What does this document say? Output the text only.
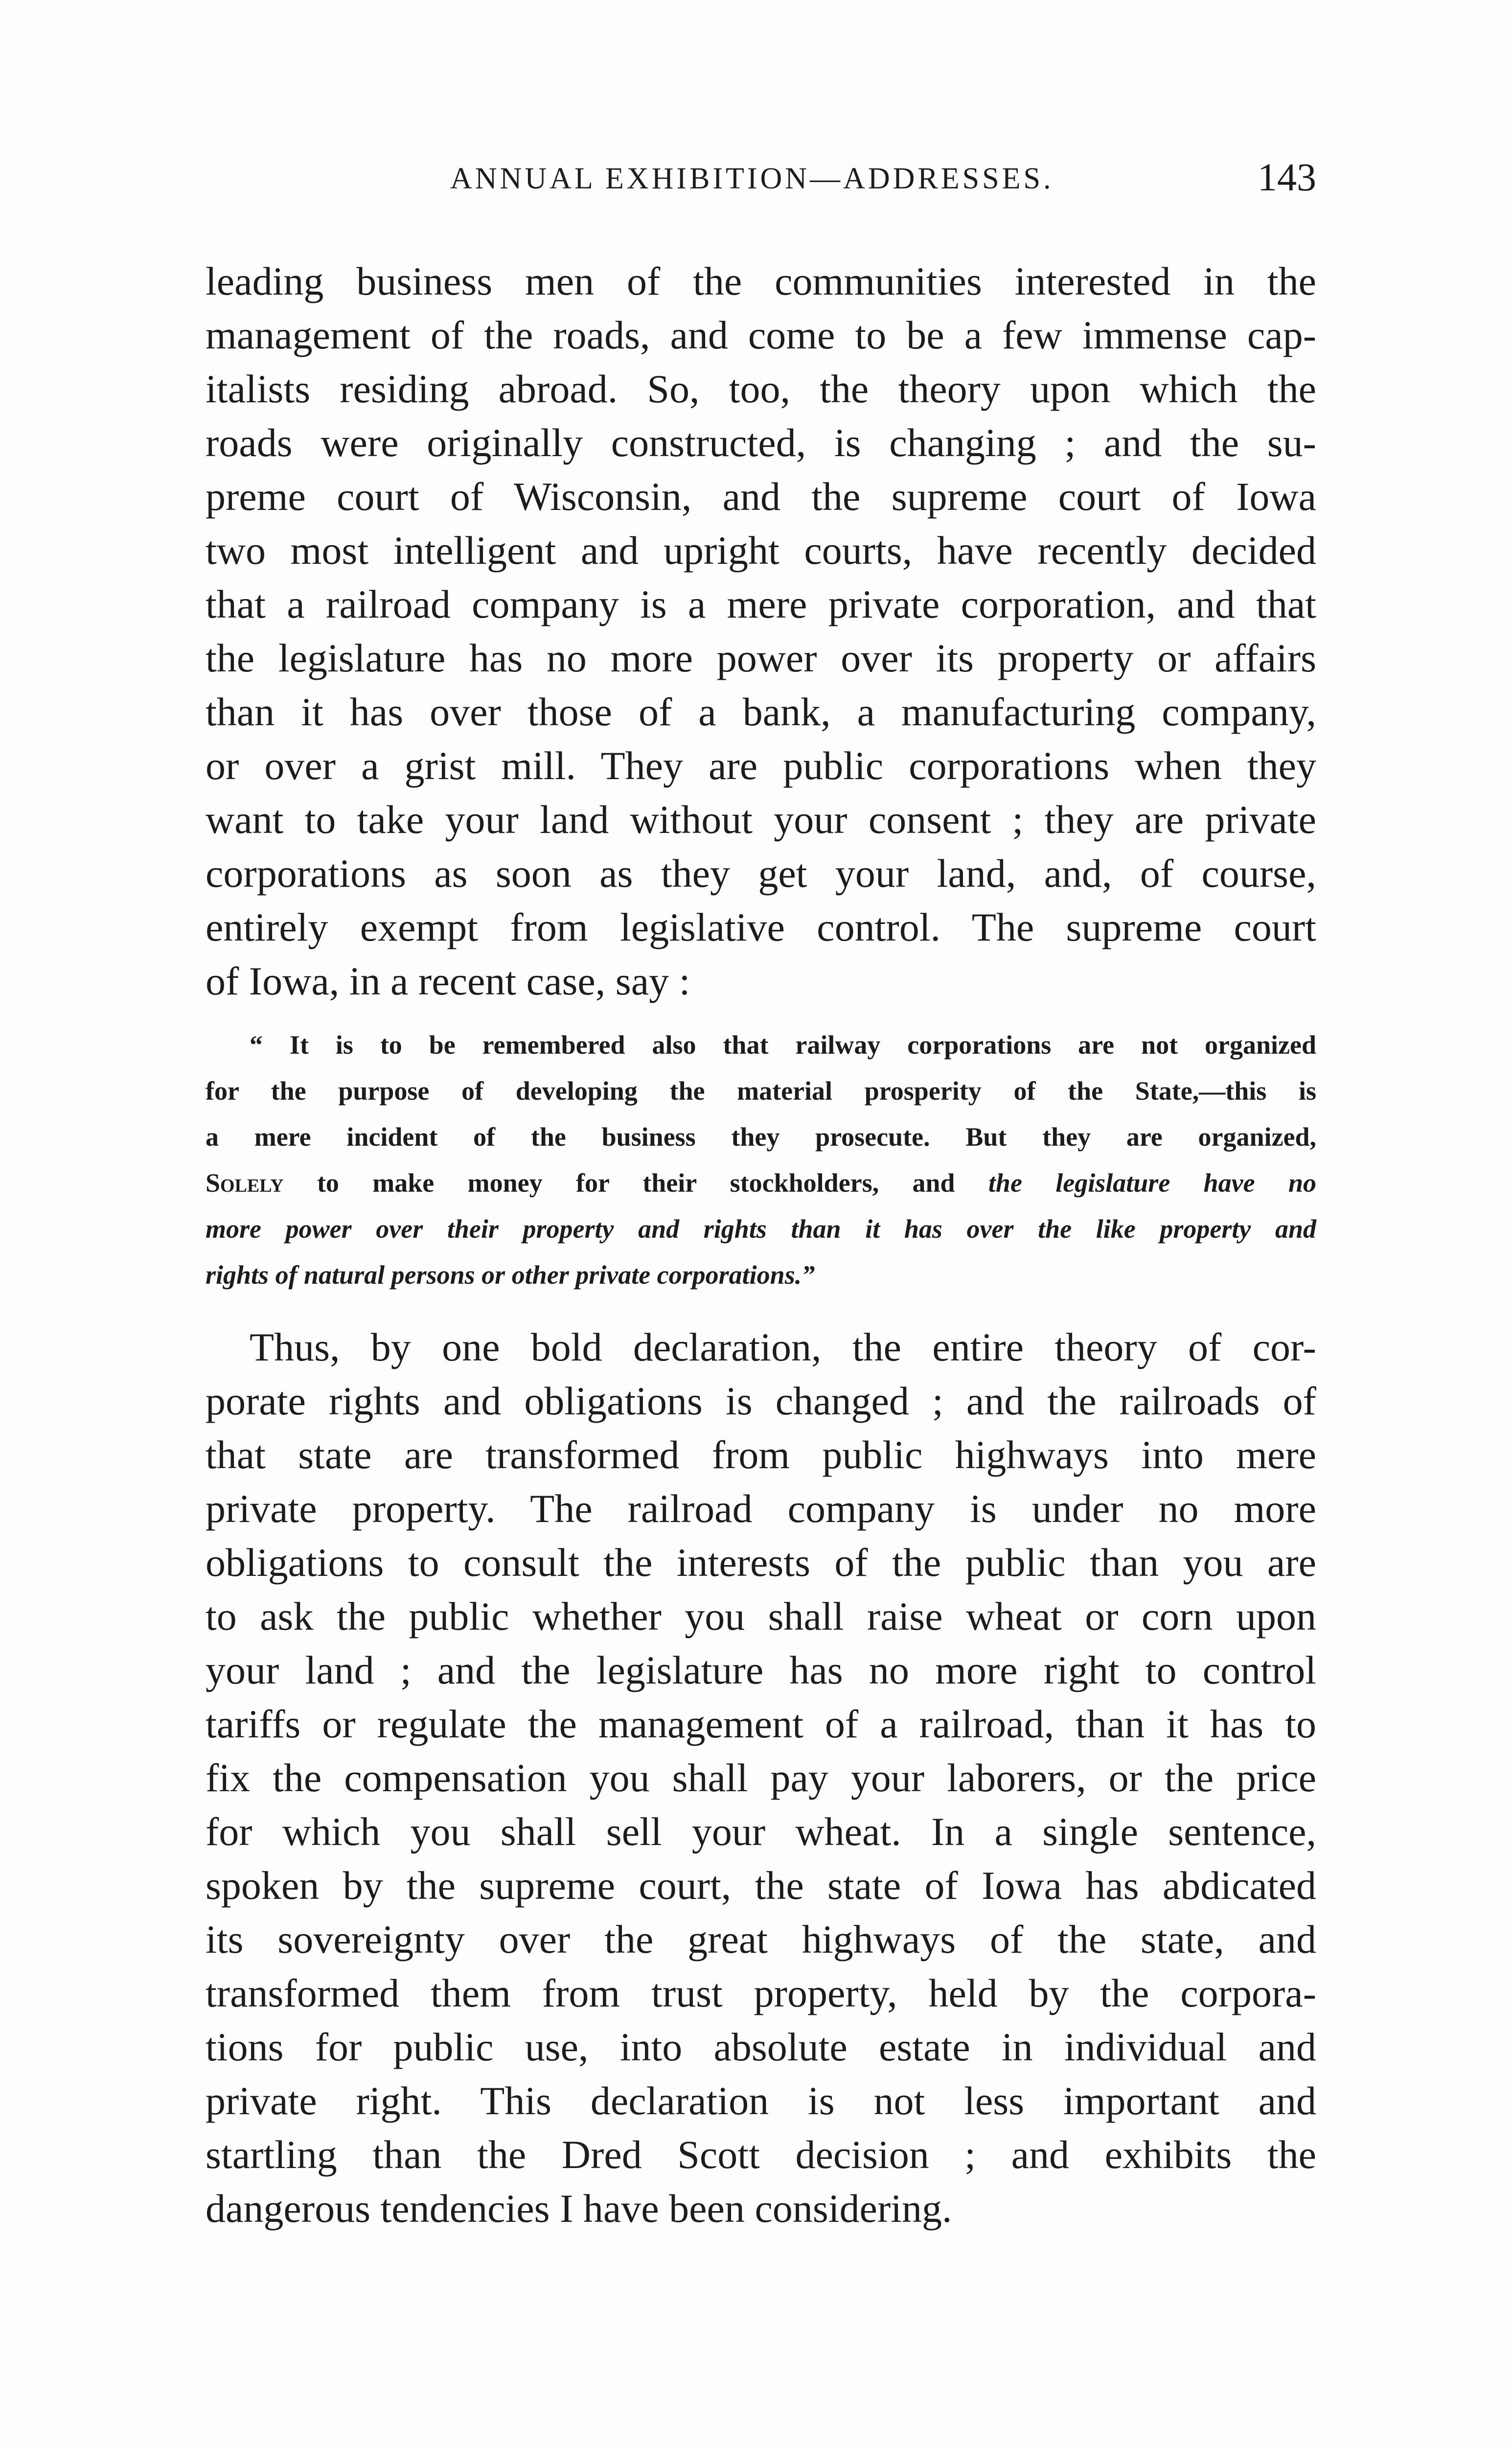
ANNUAL EXHIBITION—ADDRESSES.	143
leading business men of the communities interested in the
management of the roads, and come to be a few immense cap-
italists residing abroad. So, too, the theory upon which the
roads were originally constructed, is changing ; and the su-
preme court of Wisconsin, and the supreme court of Iowa
two most intelligent and upright courts, have recently decided
that a railroad company is a mere private corporation, and that
the legislature has no more power over its property or affairs
than it has over those of a bank, a manufacturing company,
or over a grist mill. They are public corporations when they
want to take your land without your consent ; they are private
corporations as soon as they get your land, and, of course,
entirely exempt from legislative control. The supreme court
of Iowa, in a recent case, say :
“ It is to be remembered also that railway corporations are not organized
for the purpose of developing the material prosperity of the State,—this is
a mere incident of the business they prosecute. But they are organized,
Solely to make money for their stockholders, and the legislature have no
more power over their property and rights than it has over the like property and
rights of natural persons or other private corporations.”
Thus, by one bold declaration, the entire theory of cor-
porate rights and obligations is changed ; and the railroads of
that state are transformed from public highways into mere
private property. The railroad company is under no more
obligations to consult the interests of the public than you are
to ask the public whether you shall raise wheat or corn upon
your land ; and the legislature has no more right to control
tariffs or regulate the management of a railroad, than it has to
fix the compensation you shall pay your laborers, or the price
for which you shall sell your wheat. In a single sentence,
spoken by the supreme court, the state of Iowa has abdicated
its sovereignty over the great highways of the state, and
transformed them from trust property, held by the corpora-
tions for public use, into absolute estate in individual and
private right. This declaration is not less important and
startling than the Dred Scott decision ; and exhibits the
dangerous tendencies I have been considering.
